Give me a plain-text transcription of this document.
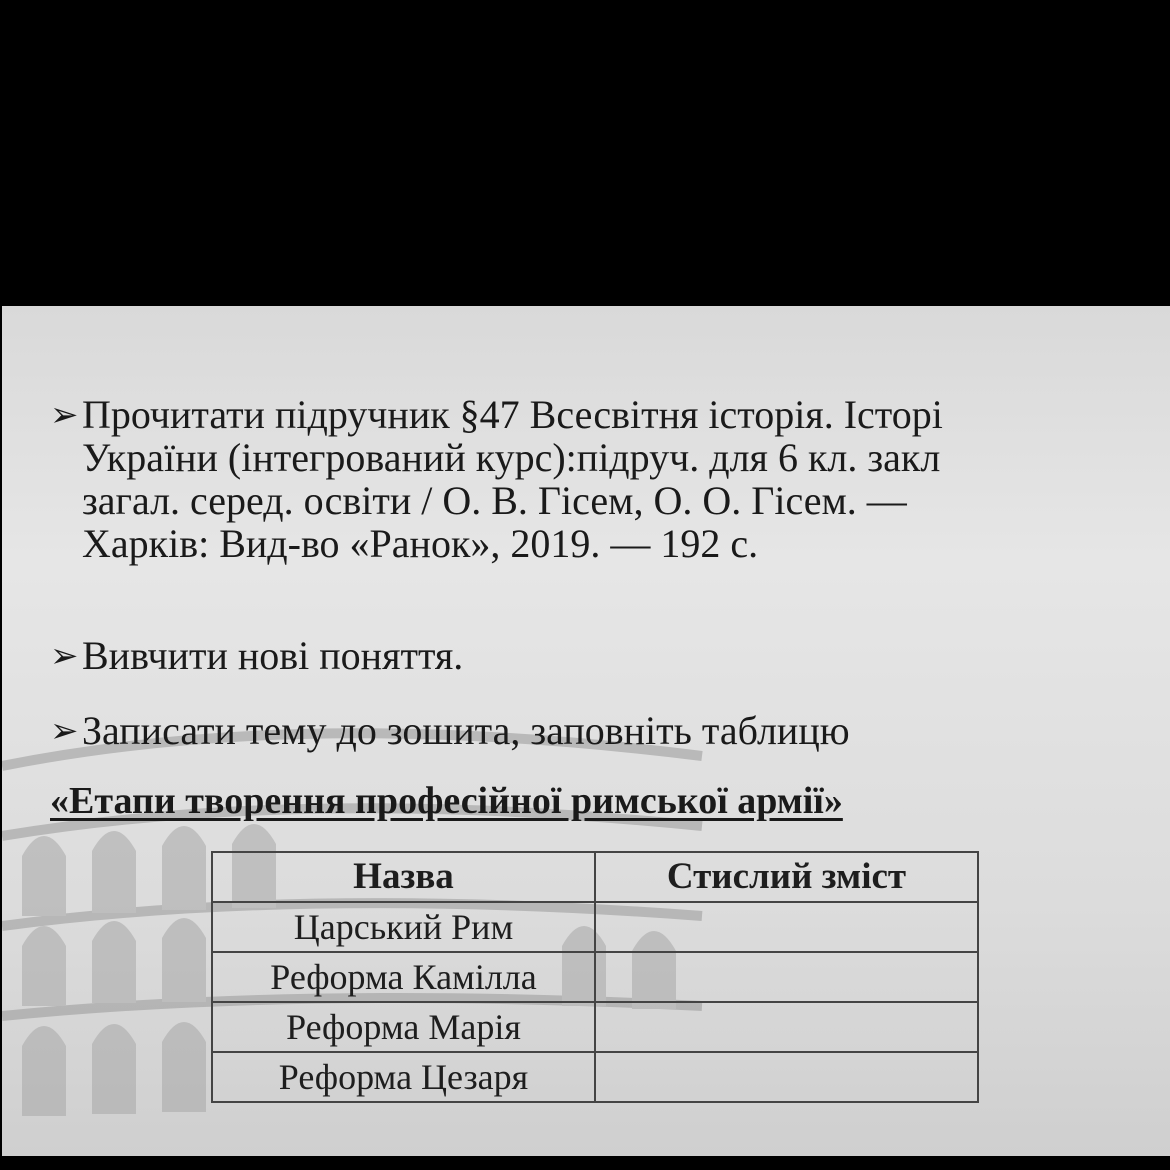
➢Прочитати підручник §47 Всесвітня історія. Історі
України (інтегрований курс):підруч. для 6 кл. закл
загал. серед. освіти / О. В. Гісем, О. О. Гісем. —
Харків: Вид-во «Ранок», 2019. — 192 с.
➢Вивчити нові поняття.
➢Записати тему до зошита, заповніть таблицю
«Етапи творення професійної римської армії»
Назва	Стислий зміст
Царський Рим	
Реформа Камілла	
Реформа Марія	
Реформа Цезаря	
